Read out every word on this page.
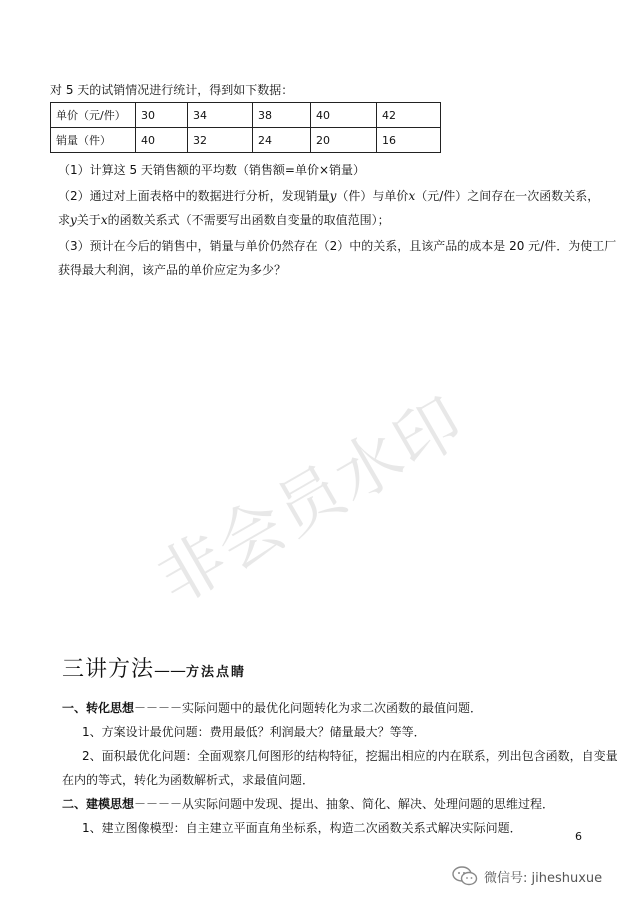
对 5 天的试销情况进行统计，得到如下数据：
单价（元/件）	30	34	38	40	42
销量（件）	40	32	24	20	16
（1）计算这 5 天销售额的平均数（销售额=单价×销量）
（2）通过对上面表格中的数据进行分析，发现销量y（件）与单价x（元/件）之间存在一次函数关系，
求y关于x的函数关系式（不需要写出函数自变量的取值范围）；
（3）预计在今后的销售中，销量与单价仍然存在（2）中的关系，且该产品的成本是 20 元/件．为使工厂
获得最大利润，该产品的单价应定为多少？
非会员水印
三讲方法——方法点睛
一、转化思想－－－－实际问题中的最优化问题转化为求二次函数的最值问题．
1、方案设计最优问题：费用最低？利润最大？储量最大？等等．
2、面积最优化问题：全面观察几何图形的结构特征，挖掘出相应的内在联系，列出包含函数，自变量
在内的等式，转化为函数解析式，求最值问题．
二、建模思想－－－－从实际问题中发现、提出、抽象、简化、解决、处理问题的思维过程．
1、建立图像模型：自主建立平面直角坐标系，构造二次函数关系式解决实际问题．
6
微信号: jiheshuxue
